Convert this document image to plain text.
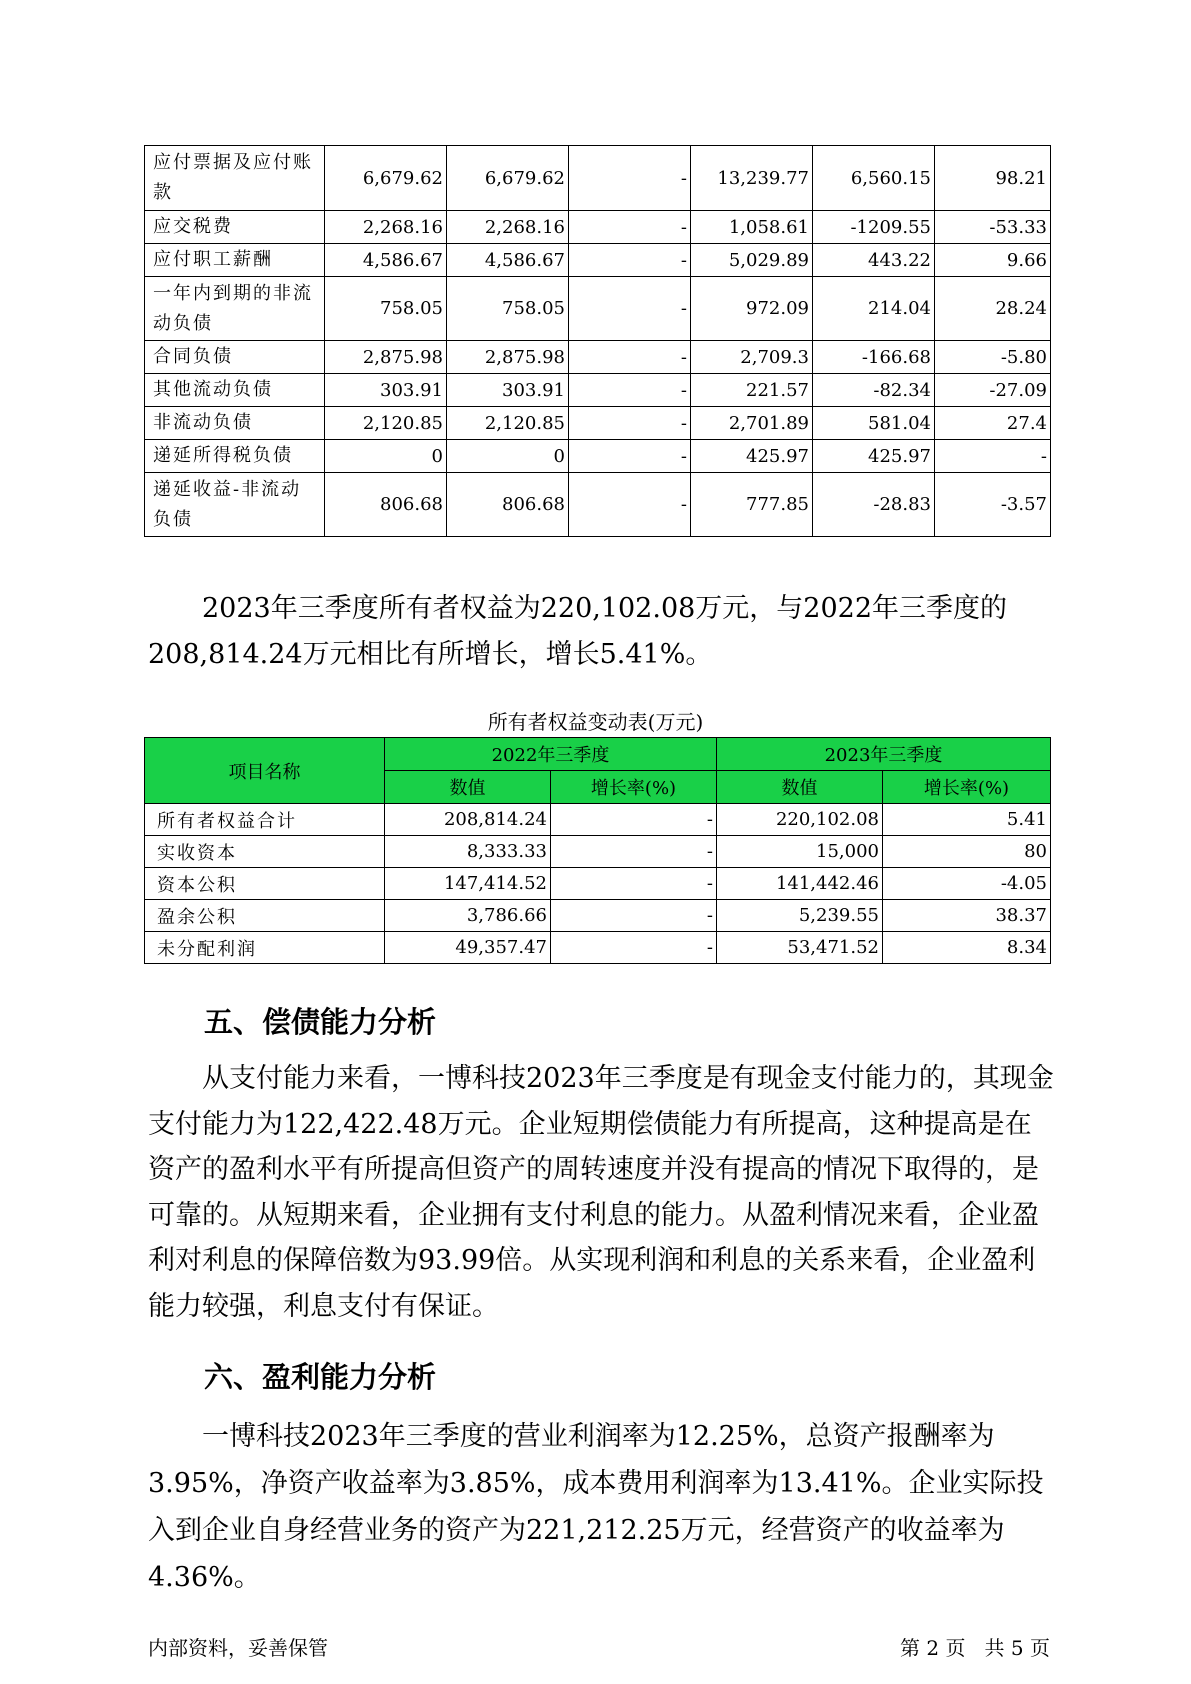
应付票据及应付账款	6,679.62	6,679.62	-	13,239.77	6,560.15	98.21
应交税费	2,268.16	2,268.16	-	1,058.61	-1209.55	-53.33
应付职工薪酬	4,586.67	4,586.67	-	5,029.89	443.22	9.66
一年内到期的非流动负债	758.05	758.05	-	972.09	214.04	28.24
合同负债	2,875.98	2,875.98	-	2,709.3	-166.68	-5.80
其他流动负债	303.91	303.91	-	221.57	-82.34	-27.09
非流动负债	2,120.85	2,120.85	-	2,701.89	581.04	27.4
递延所得税负债	0	0	-	425.97	425.97	-
递延收益-非流动负债	806.68	806.68	-	777.85	-28.83	-3.57

2023年三季度所有者权益为220,102.08万元，与2022年三季度的208,814.24万元相比有所增长，增长5.41%。

所有者权益变动表(万元)
项目名称	2022年三季度		2023年三季度	
	数值	增长率(%)	数值	增长率(%)
所有者权益合计	208,814.24	-	220,102.08	5.41
实收资本	8,333.33	-	15,000	80
资本公积	147,414.52	-	141,442.46	-4.05
盈余公积	3,786.66	-	5,239.55	38.37
未分配利润	49,357.47	-	53,471.52	8.34
五、偿债能力分析

从支付能力来看，一博科技2023年三季度是有现金支付能力的，其现金支付能力为122,422.48万元。企业短期偿债能力有所提高，这种提高是在资产的盈利水平有所提高但资产的周转速度并没有提高的情况下取得的，是可靠的。从短期来看，企业拥有支付利息的能力。从盈利情况来看，企业盈利对利息的保障倍数为93.99倍。从实现利润和利息的关系来看，企业盈利能力较强，利息支付有保证。

六、盈利能力分析

一博科技2023年三季度的营业利润率为12.25%，总资产报酬率为3.95%，净资产收益率为3.85%，成本费用利润率为13.41%。企业实际投入到企业自身经营业务的资产为221,212.25万元，经营资产的收益率为4.36%。

内部资料，妥善保管	第 2 页   共 5 页
